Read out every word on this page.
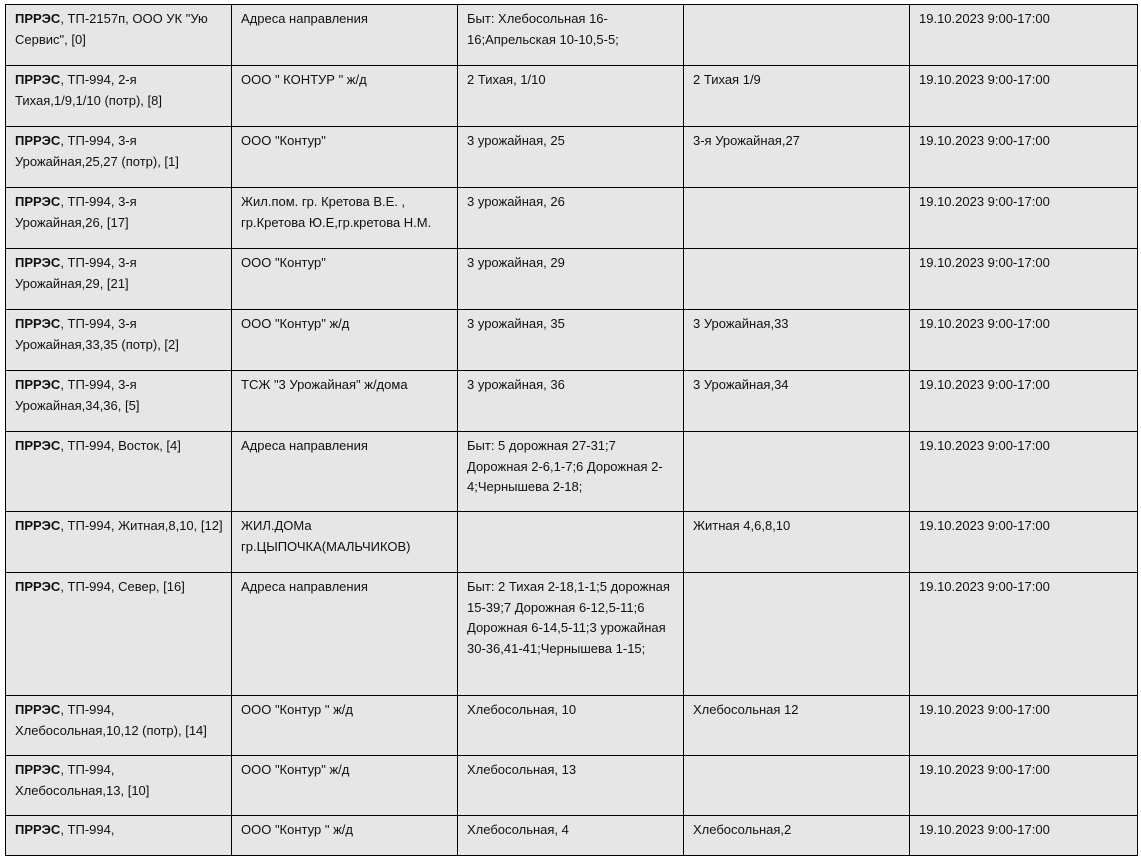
ПРРЭС, ТП-2157п, ООО УК "Ую Сервис", [0]	Адреса направления	Быт: Хлебосольная 16-16;Апрельская 10-10,5-5;		19.10.2023 9:00-17:00
ПРРЭС, ТП-994, 2-я Тихая,1/9,1/10 (потр), [8]	ООО " КОНТУР " ж/д	2 Тихая, 1/10	2 Тихая 1/9	19.10.2023 9:00-17:00
ПРРЭС, ТП-994, 3-я Урожайная,25,27 (потр), [1]	ООО "Контур"	3 урожайная, 25	3-я Урожайная,27	19.10.2023 9:00-17:00
ПРРЭС, ТП-994, 3-я Урожайная,26, [17]	Жил.пом. гр. Кретова В.Е. , гр.Кретова Ю.Е,гр.кретова Н.М.	3 урожайная, 26		19.10.2023 9:00-17:00
ПРРЭС, ТП-994, 3-я Урожайная,29, [21]	ООО "Контур"	3 урожайная, 29		19.10.2023 9:00-17:00
ПРРЭС, ТП-994, 3-я Урожайная,33,35 (потр), [2]	ООО "Контур" ж/д	3 урожайная, 35	3 Урожайная,33	19.10.2023 9:00-17:00
ПРРЭС, ТП-994, 3-я Урожайная,34,36, [5]	ТСЖ "3 Урожайная" ж/дома	3 урожайная, 36	3 Урожайная,34	19.10.2023 9:00-17:00
ПРРЭС, ТП-994, Восток, [4]	Адреса направления	Быт: 5 дорожная 27-31;7 Дорожная 2-6,1-7;6 Дорожная 2-4;Чернышева 2-18;		19.10.2023 9:00-17:00
ПРРЭС, ТП-994, Житная,8,10, [12]	ЖИЛ.ДОМа гр.ЦЫПОЧКА(МАЛЬЧИКОВ)		Житная 4,6,8,10	19.10.2023 9:00-17:00
ПРРЭС, ТП-994, Север, [16]	Адреса направления	Быт: 2 Тихая 2-18,1-1;5 дорожная 15-39;7 Дорожная 6-12,5-11;6 Дорожная 6-14,5-11;3 урожайная 30-36,41-41;Чернышева 1-15;		19.10.2023 9:00-17:00
ПРРЭС, ТП-994, Хлебосольная,10,12 (потр), [14]	ООО "Контур " ж/д	Хлебосольная, 10	Хлебосольная 12	19.10.2023 9:00-17:00
ПРРЭС, ТП-994, Хлебосольная,13, [10]	ООО "Контур" ж/д	Хлебосольная, 13		19.10.2023 9:00-17:00
ПРРЭС, ТП-994,	ООО "Контур " ж/д	Хлебосольная, 4	Хлебосольная,2	19.10.2023 9:00-17:00
